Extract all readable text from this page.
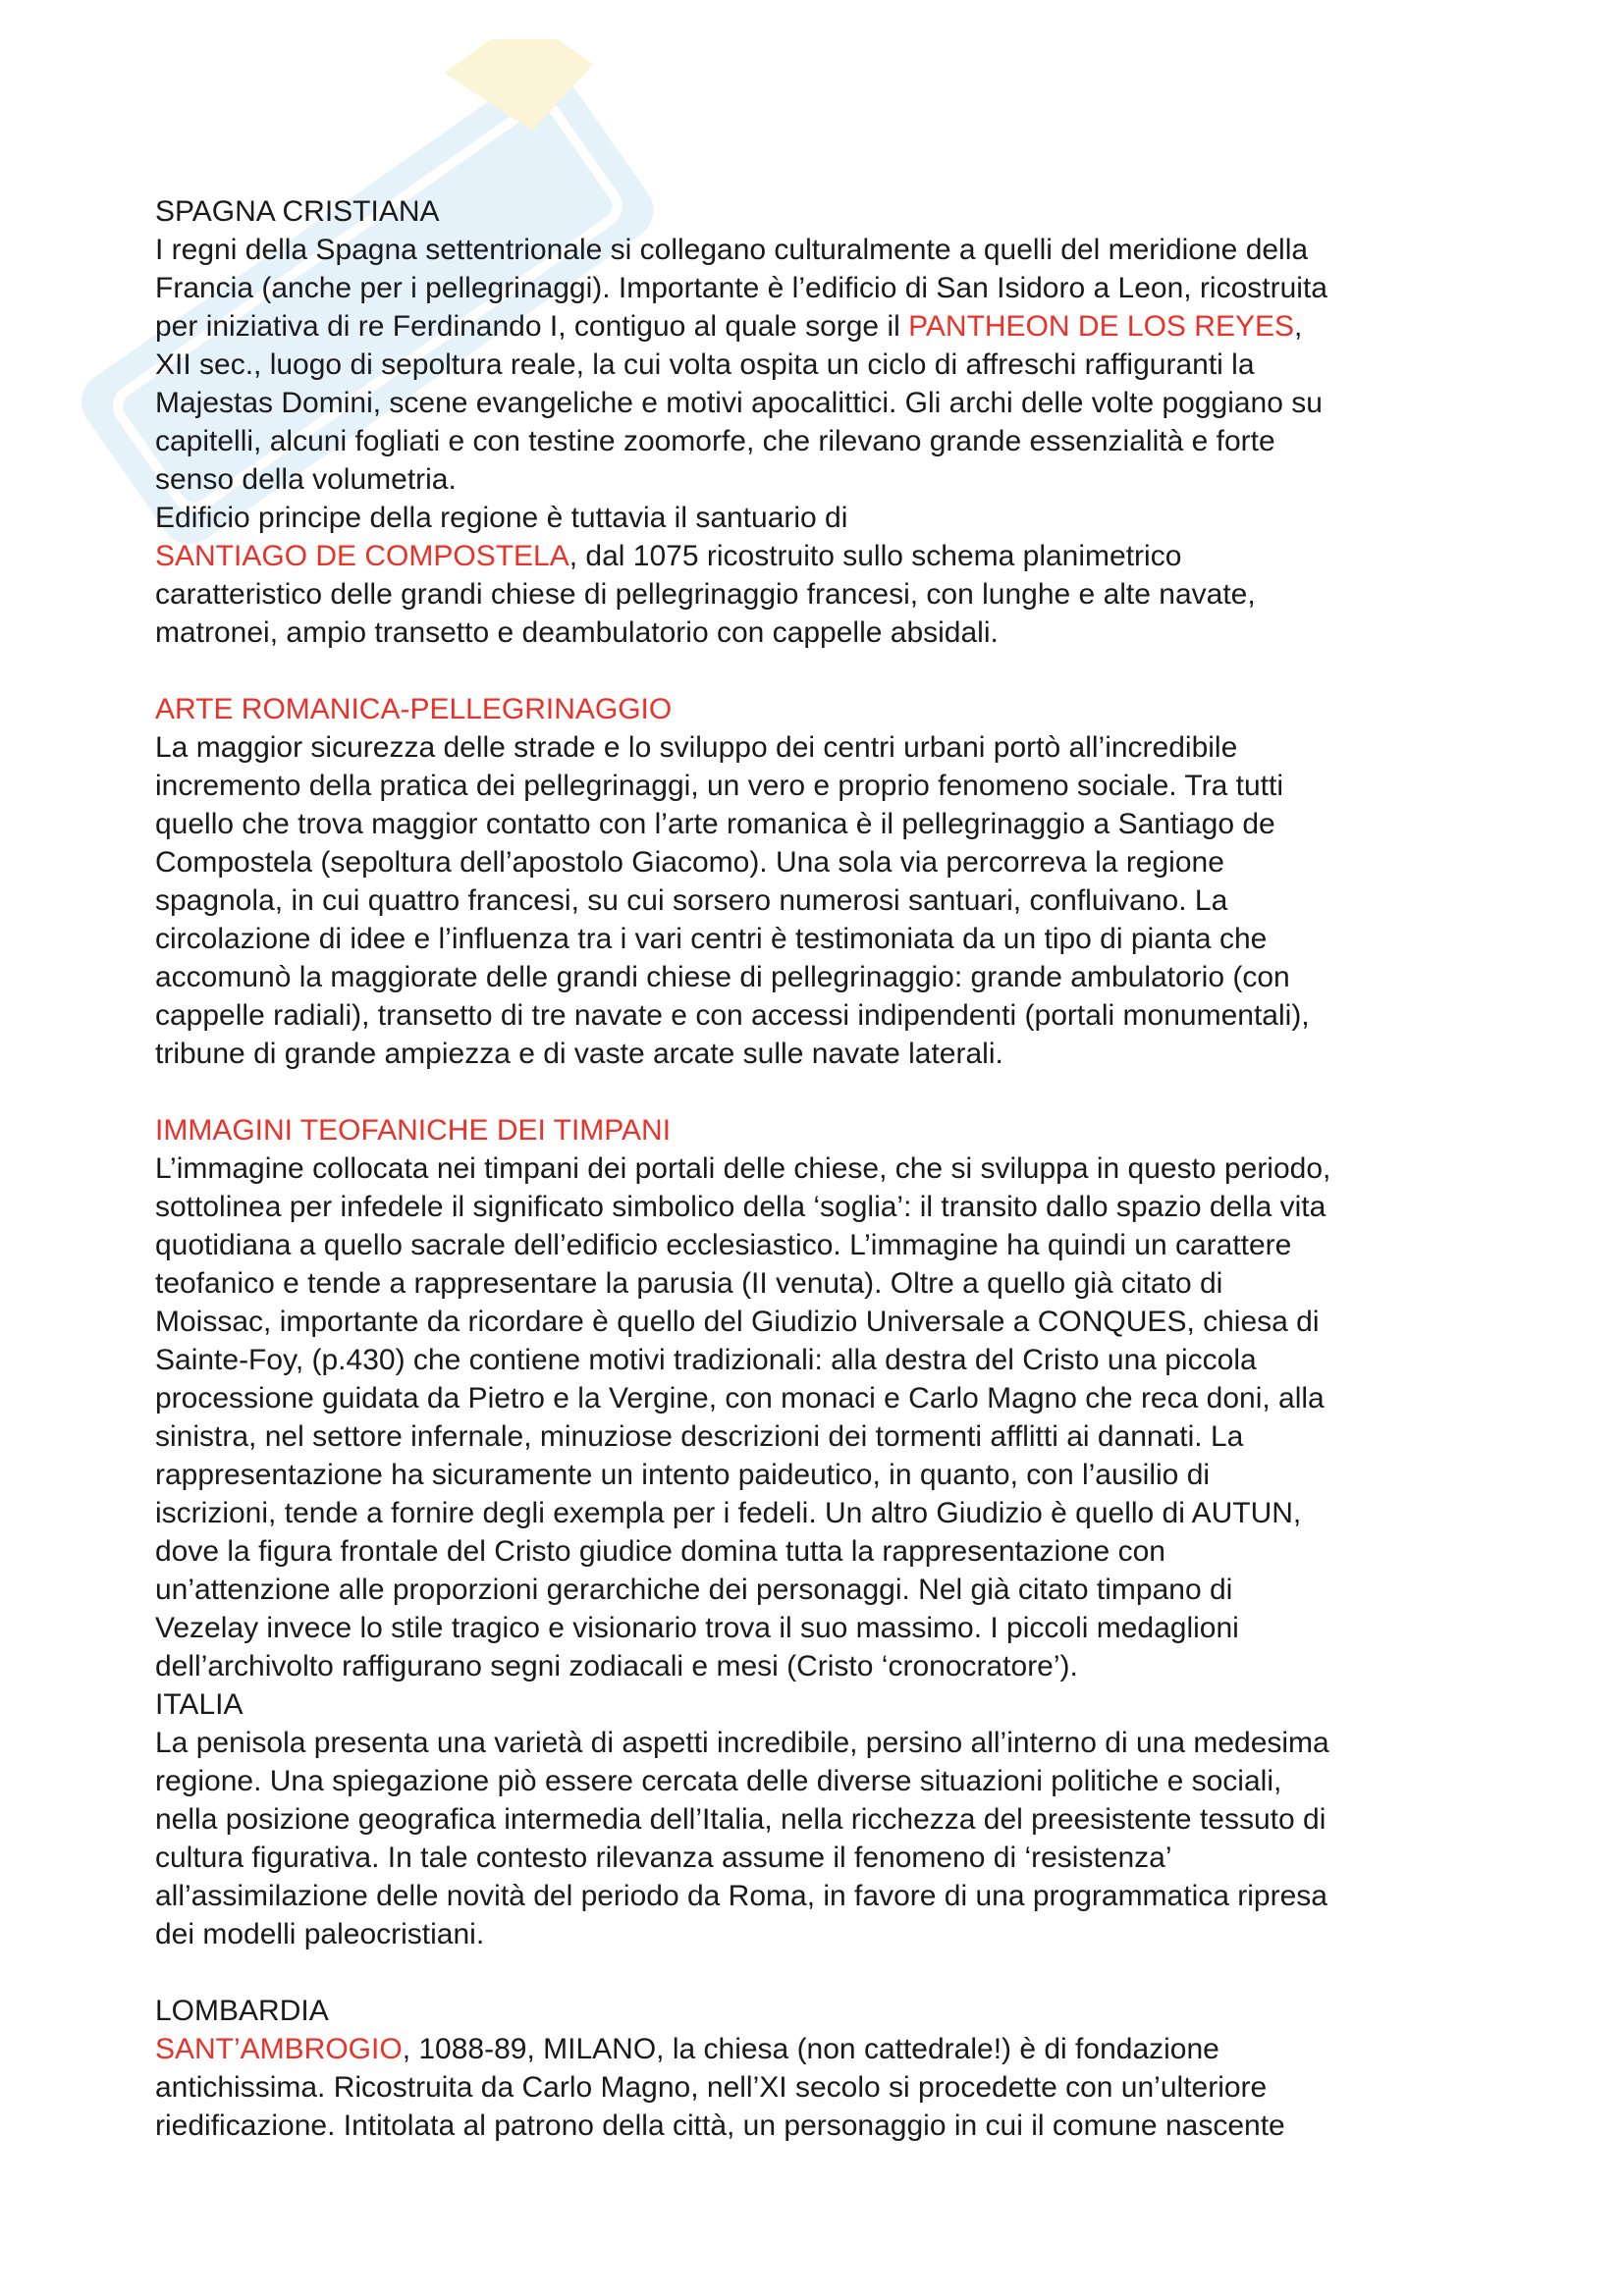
SPAGNA CRISTIANA

I regni della Spagna settentrionale si collegano culturalmente a quelli del meridione della

Francia (anche per i pellegrinaggi). Importante è l’edificio di San Isidoro a Leon, ricostruita

per iniziativa di re Ferdinando I, contiguo al quale sorge il PANTHEON DE LOS REYES,

XII sec., luogo di sepoltura reale, la cui volta ospita un ciclo di affreschi raffiguranti la

Majestas Domini, scene evangeliche e motivi apocalittici. Gli archi delle volte poggiano su

capitelli, alcuni fogliati e con testine zoomorfe, che rilevano grande essenzialità e forte

senso della volumetria.

Edificio principe della regione è tuttavia il santuario di

SANTIAGO DE COMPOSTELA, dal 1075 ricostruito sullo schema planimetrico

caratteristico delle grandi chiese di pellegrinaggio francesi, con lunghe e alte navate,

matronei, ampio transetto e deambulatorio con cappelle absidali.

ARTE ROMANICA-PELLEGRINAGGIO

La maggior sicurezza delle strade e lo sviluppo dei centri urbani portò all’incredibile

incremento della pratica dei pellegrinaggi, un vero e proprio fenomeno sociale. Tra tutti

quello che trova maggior contatto con l’arte romanica è il pellegrinaggio a Santiago de

Compostela (sepoltura dell’apostolo Giacomo). Una sola via percorreva la regione

spagnola, in cui quattro francesi, su cui sorsero numerosi santuari, confluivano. La

circolazione di idee e l’influenza tra i vari centri è testimoniata da un tipo di pianta che

accomunò la maggiorate delle grandi chiese di pellegrinaggio: grande ambulatorio (con

cappelle radiali), transetto di tre navate e con accessi indipendenti (portali monumentali),

tribune di grande ampiezza e di vaste arcate sulle navate laterali.

IMMAGINI TEOFANICHE DEI TIMPANI

L’immagine collocata nei timpani dei portali delle chiese, che si sviluppa in questo periodo,

sottolinea per infedele il significato simbolico della ‘soglia’: il transito dallo spazio della vita

quotidiana a quello sacrale dell’edificio ecclesiastico. L’immagine ha quindi un carattere

teofanico e tende a rappresentare la parusia (II venuta). Oltre a quello già citato di

Moissac, importante da ricordare è quello del Giudizio Universale a CONQUES, chiesa di

Sainte-Foy, (p.430) che contiene motivi tradizionali: alla destra del Cristo una piccola

processione guidata da Pietro e la Vergine, con monaci e Carlo Magno che reca doni, alla

sinistra, nel settore infernale, minuziose descrizioni dei tormenti afflitti ai dannati. La

rappresentazione ha sicuramente un intento paideutico, in quanto, con l’ausilio di

iscrizioni, tende a fornire degli exempla per i fedeli. Un altro Giudizio è quello di AUTUN,

dove la figura frontale del Cristo giudice domina tutta la rappresentazione con

un’attenzione alle proporzioni gerarchiche dei personaggi. Nel già citato timpano di

Vezelay invece lo stile tragico e visionario trova il suo massimo. I piccoli medaglioni

dell’archivolto raffigurano segni zodiacali e mesi (Cristo ‘cronocratore’).

ITALIA

La penisola presenta una varietà di aspetti incredibile, persino all’interno di una medesima

regione. Una spiegazione piò essere cercata delle diverse situazioni politiche e sociali,

nella posizione geografica intermedia dell’Italia, nella ricchezza del preesistente tessuto di

cultura figurativa. In tale contesto rilevanza assume il fenomeno di ‘resistenza’

all’assimilazione delle novità del periodo da Roma, in favore di una programmatica ripresa

dei modelli paleocristiani.

LOMBARDIA

SANT’AMBROGIO, 1088-89, MILANO, la chiesa (non cattedrale!) è di fondazione

antichissima. Ricostruita da Carlo Magno, nell’XI secolo si procedette con un’ulteriore

riedificazione. Intitolata al patrono della città, un personaggio in cui il comune nascente
